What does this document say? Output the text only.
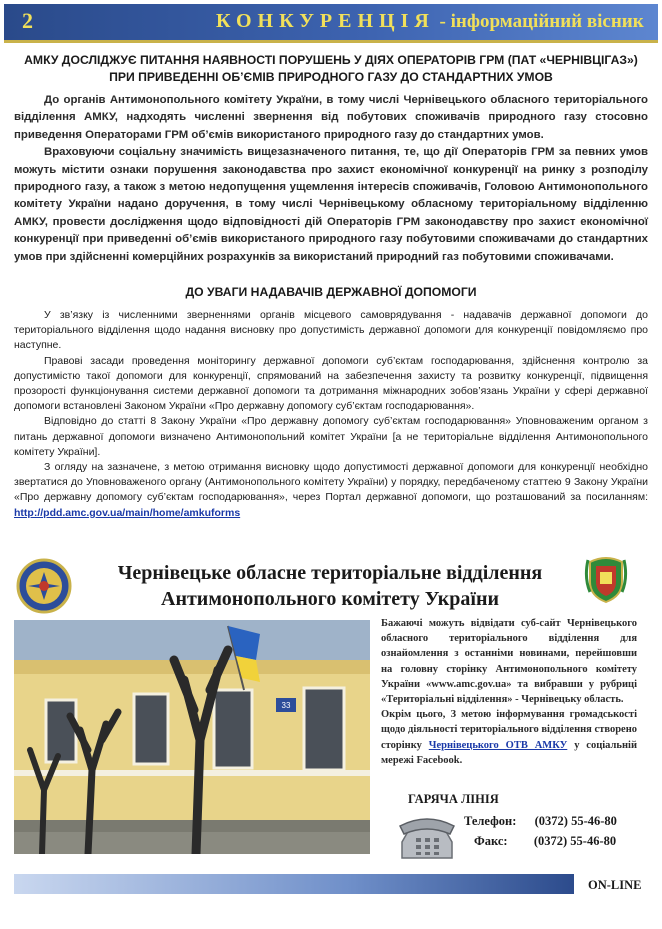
2	КОНКУРЕНЦІЯ - інформаційний вісник
АМКУ ДОСЛІДЖУЄ ПИТАННЯ НАЯВНОСТІ ПОРУШЕНЬ У ДІЯХ ОПЕРАТОРІВ ГРМ (ПАТ «ЧЕРНІВЦІГАЗ») ПРИ ПРИВЕДЕННІ ОБ’ЄМІВ ПРИРОДНОГО ГАЗУ ДО СТАНДАРТНИХ УМОВ

До органів Антимонопольного комітету України, в тому числі Чернівецького обласного територіального відділення АМКУ, надходять численні звернення від побутових споживачів природного газу стосовно приведення Операторами ГРМ об’ємів використаного природного газу до стандартних умов.

Враховуючи соціальну значимість вищезазначеного питання, те, що дії Операторів ГРМ за певних умов можуть містити ознаки порушення законодавства про захист економічної конкуренції на ринку з розподілу природного газу, а також з метою недопущення ущемлення інтересів споживачів, Головою Антимонопольного комітету України надано доручення, в тому числі Чернівецькому обласному територіальному відділенню АМКУ, провести дослідження щодо відповідності дій Операторів ГРМ законодавству про захист економічної конкуренції при приведенні об’ємів використаного природного газу побутовими споживачами до стандартних умов при здійсненні комерційних розрахунків за використаний природний газ побутовими споживачами.

ДО УВАГИ НАДАВАЧІВ ДЕРЖАВНОЇ ДОПОМОГИ

У зв’язку із численними зверненнями органів місцевого самоврядування - надавачів державної допомоги до територіального відділення щодо надання висновку про допустимість державної допомоги для конкуренції повідомляємо про наступне.

Правові засади проведення моніторингу державної допомоги суб’єктам господарювання, здійснення контролю за допустимістю такої допомоги для конкуренції, спрямований на забезпечення захисту та розвитку конкуренції, підвищення прозорості функціонування системи державної допомоги та дотримання міжнародних зобов’язань України у сфері державної допомоги встановлені Законом України «Про державну допомогу суб’єктам господарювання».

Відповідно до статті 8 Закону України «Про державну допомогу суб’єктам господарювання» Уповноваженим органом з питань державної допомоги визначено Антимонопольний комітет України [а не територіальне відділення Антимонопольного комітету України].

З огляду на зазначене, з метою отримання висновку щодо допустимості державної допомоги для конкуренції необхідно звертатися до Уповноваженого органу (Антимонопольного комітету України) у порядку, передбаченому статтею 9 Закону України «Про державну допомогу суб’єктам господарювання», через Портал державної допомоги, що розташований за посиланням: http://pdd.amc.gov.ua/main/home/amkuforms

Чернівецьке обласне територіальне відділення
Антимонопольного комітету України
33
Бажаючі можуть відвідати суб-сайт Чернівецького обласного територіального відділення для ознайомлення з останніми новинами, перейшовши на головну сторінку Антимонопольного комітету України «www.amc.gov.ua» та вибравши у рубриці «Територіальні відділення» - Чернівецьку область.
Окрім цього, З метою інформування громадськості щодо діяльності територіального відділення створено сторінку Чернівецького ОТВ АМКУ у соціальній мережі Facebook.
ГАРЯЧА ЛІНІЯ
Телефон: (0372) 55-46-80
Факс: (0372) 55-46-80
ON-LINE
